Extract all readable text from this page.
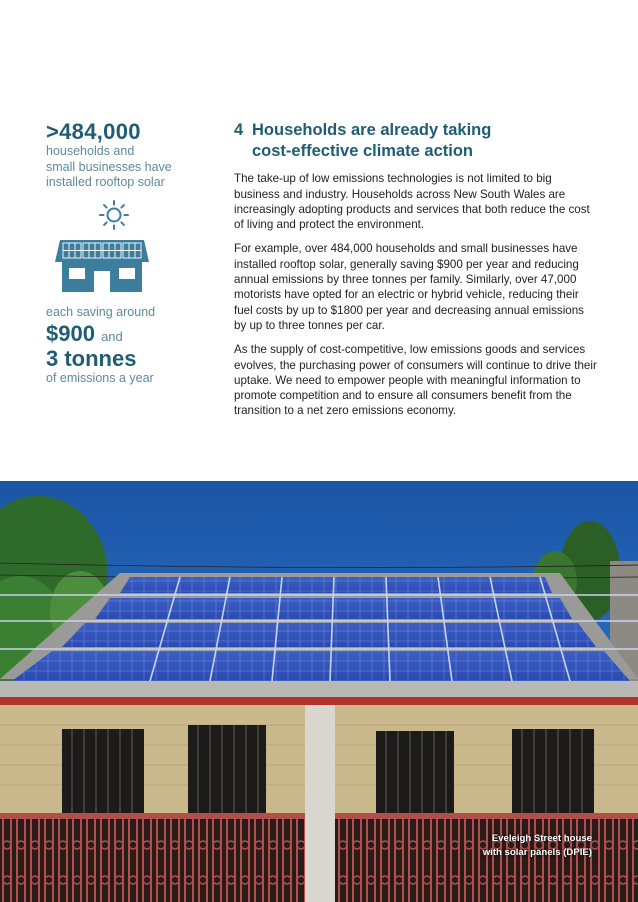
>484,000
households and
small businesses have
installed rooftop solar
each saving around
$900 and
3 tonnes
of emissions a year
4 Households are already taking
cost-effective climate action

The take-up of low emissions technologies is not limited to big business and industry. Households across New South Wales are increasingly adopting products and services that both reduce the cost of living and protect the environment.

For example, over 484,000 households and small businesses have installed rooftop solar, generally saving $900 per year and reducing annual emissions by three tonnes per family. Similarly, over 47,000 motorists have opted for an electric or hybrid vehicle, reducing their fuel costs by up to $1800 per year and decreasing annual emissions by up to three tonnes per car.

As the supply of cost-competitive, low emissions goods and services evolves, the purchasing power of consumers will continue to drive their uptake. We need to empower people with meaningful information to promote competition and to ensure all consumers benefit from the transition to a net zero emissions economy.

Eveleigh Street house
with solar panels (DPIE)
